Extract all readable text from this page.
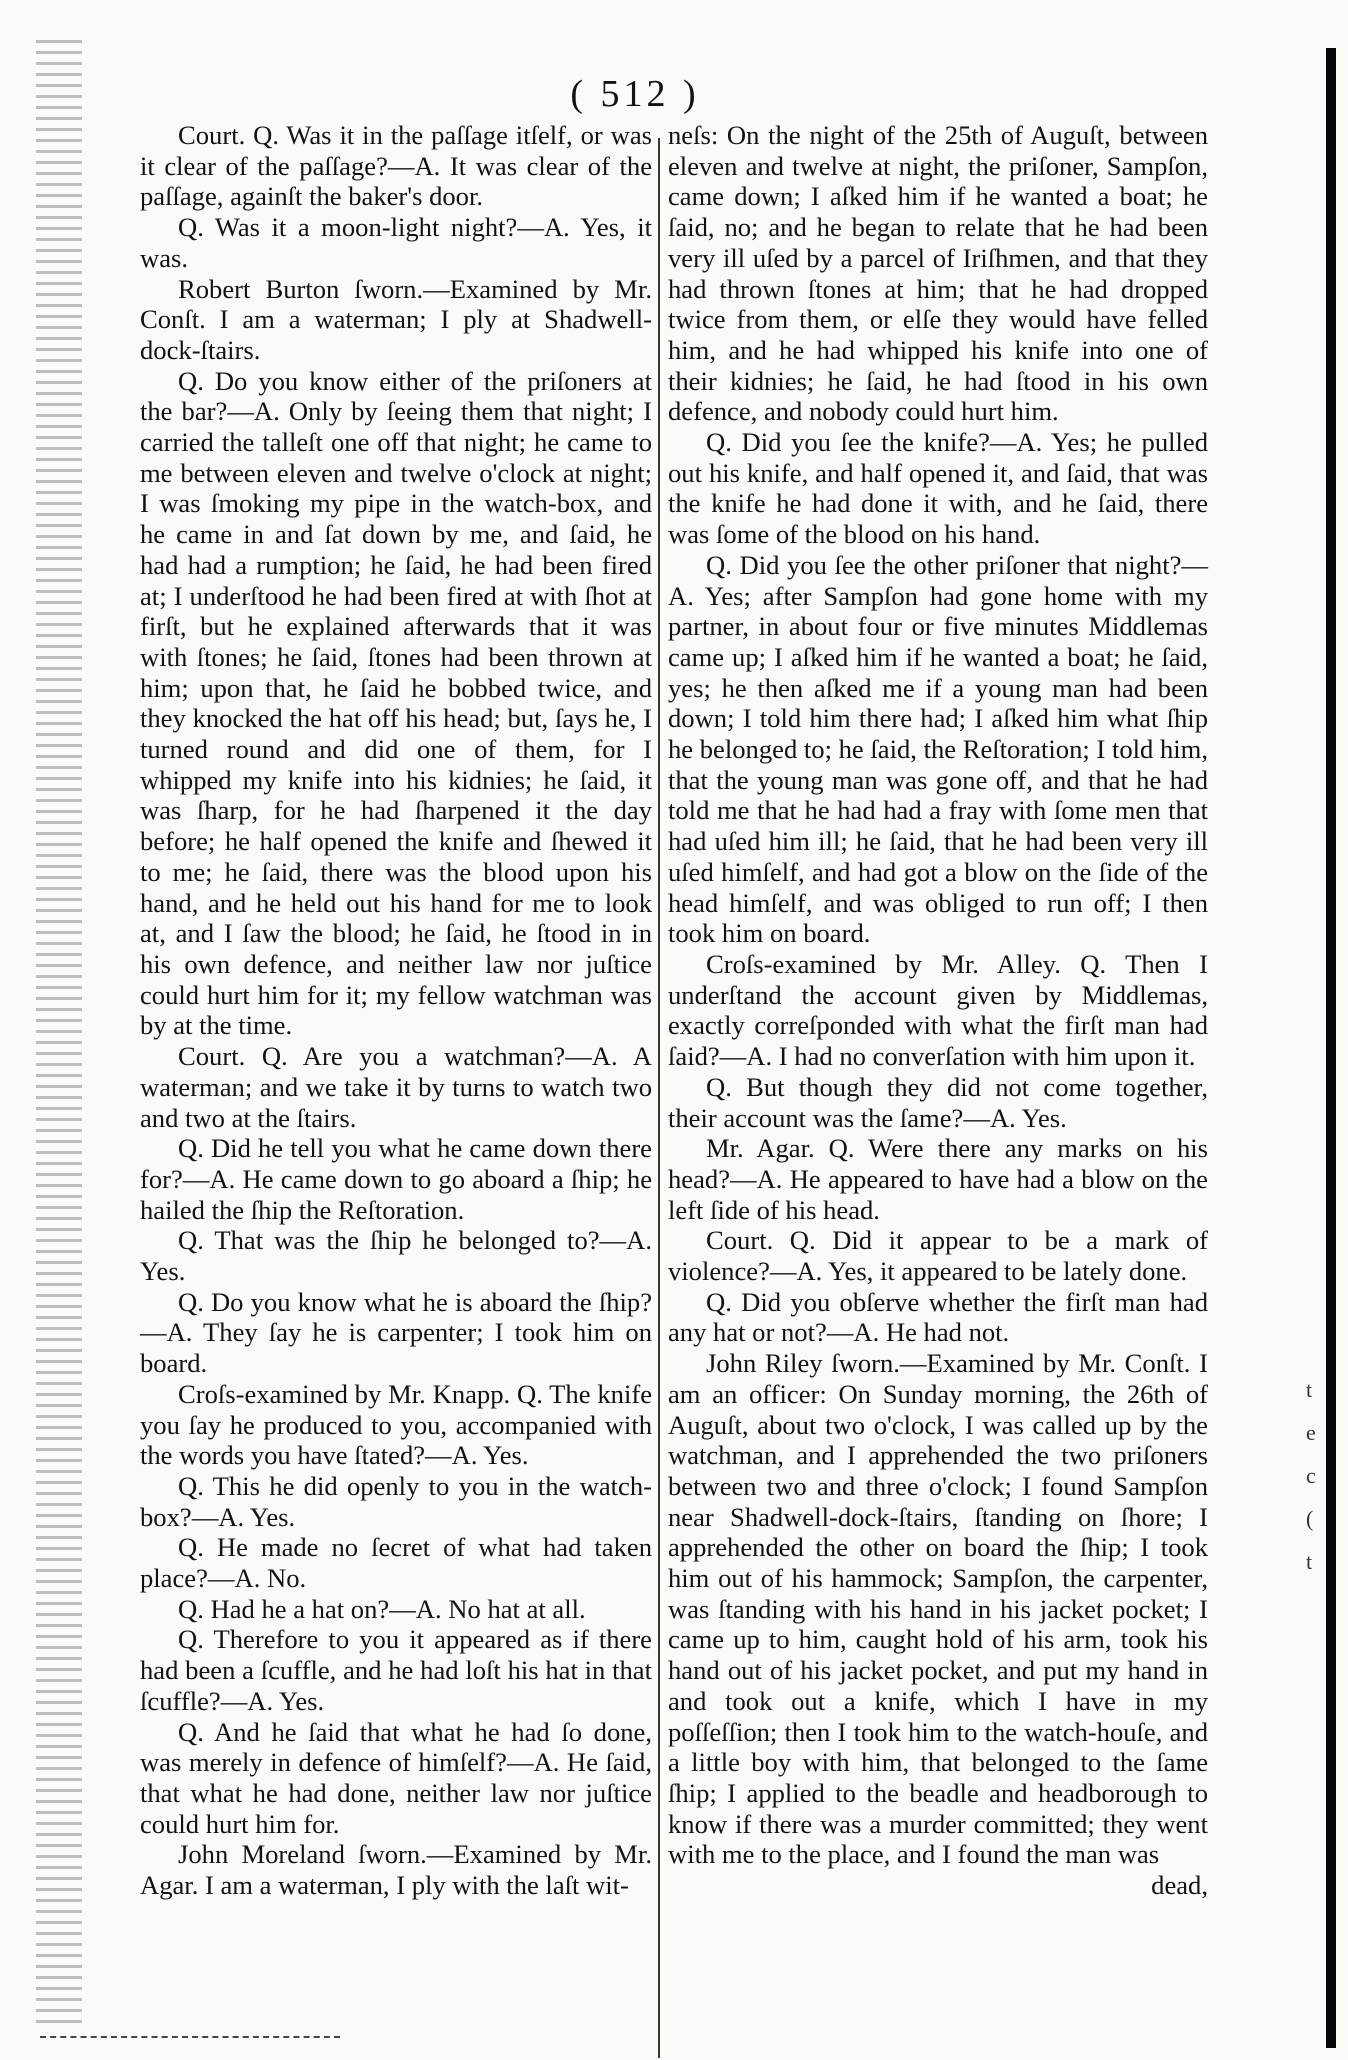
( 512 )

Court. Q. Was it in the paſſage itſelf, or was it clear of the paſſage?—A. It was clear of the paſſage, againſt the baker's door.

Q. Was it a moon-light night?—A. Yes, it was.

Robert Burton ſworn.—Examined by Mr. Conſt. I am a waterman; I ply at Shadwell-dock-ſtairs.

Q. Do you know either of the priſoners at the bar?—A. Only by ſeeing them that night; I carried the talleſt one off that night; he came to me between eleven and twelve o'clock at night; I was ſmoking my pipe in the watch-box, and he came in and ſat down by me, and ſaid, he had had a rumption; he ſaid, he had been fired at; I underſtood he had been fired at with ſhot at firſt, but he explained afterwards that it was with ſtones; he ſaid, ſtones had been thrown at him; upon that, he ſaid he bobbed twice, and they knocked the hat off his head; but, ſays he, I turned round and did one of them, for I whipped my knife into his kidnies; he ſaid, it was ſharp, for he had ſharpened it the day before; he half opened the knife and ſhewed it to me; he ſaid, there was the blood upon his hand, and he held out his hand for me to look at, and I ſaw the blood; he ſaid, he ſtood in in his own defence, and neither law nor juſtice could hurt him for it; my fellow watchman was by at the time.

Court. Q. Are you a watchman?—A. A waterman; and we take it by turns to watch two and two at the ſtairs.

Q. Did he tell you what he came down there for?—A. He came down to go aboard a ſhip; he hailed the ſhip the Reſtoration.

Q. That was the ſhip he belonged to?—A. Yes.

Q. Do you know what he is aboard the ſhip?—A. They ſay he is carpenter; I took him on board.

Croſs-examined by Mr. Knapp. Q. The knife you ſay he produced to you, accompanied with the words you have ſtated?—A. Yes.

Q. This he did openly to you in the watch-box?—A. Yes.

Q. He made no ſecret of what had taken place?—A. No.

Q. Had he a hat on?—A. No hat at all.

Q. Therefore to you it appeared as if there had been a ſcuffle, and he had loſt his hat in that ſcuffle?—A. Yes.

Q. And he ſaid that what he had ſo done, was merely in defence of himſelf?—A. He ſaid, that what he had done, neither law nor juſtice could hurt him for.

John Moreland ſworn.—Examined by Mr. Agar. I am a waterman, I ply with the laſt wit-

neſs: On the night of the 25th of Auguſt, between eleven and twelve at night, the priſoner, Sampſon, came down; I aſked him if he wanted a boat; he ſaid, no; and he began to relate that he had been very ill uſed by a parcel of Iriſhmen, and that they had thrown ſtones at him; that he had dropped twice from them, or elſe they would have felled him, and he had whipped his knife into one of their kidnies; he ſaid, he had ſtood in his own defence, and nobody could hurt him.

Q. Did you ſee the knife?—A. Yes; he pulled out his knife, and half opened it, and ſaid, that was the knife he had done it with, and he ſaid, there was ſome of the blood on his hand.

Q. Did you ſee the other priſoner that night?—A. Yes; after Sampſon had gone home with my partner, in about four or five minutes Middlemas came up; I aſked him if he wanted a boat; he ſaid, yes; he then aſked me if a young man had been down; I told him there had; I aſked him what ſhip he belonged to; he ſaid, the Reſtoration; I told him, that the young man was gone off, and that he had told me that he had had a fray with ſome men that had uſed him ill; he ſaid, that he had been very ill uſed himſelf, and had got a blow on the ſide of the head himſelf, and was obliged to run off; I then took him on board.

Croſs-examined by Mr. Alley. Q. Then I underſtand the account given by Middlemas, exactly correſponded with what the firſt man had ſaid?—A. I had no converſation with him upon it.

Q. But though they did not come together, their account was the ſame?—A. Yes.

Mr. Agar. Q. Were there any marks on his head?—A. He appeared to have had a blow on the left ſide of his head.

Court. Q. Did it appear to be a mark of violence?—A. Yes, it appeared to be lately done.

Q. Did you obſerve whether the firſt man had any hat or not?—A. He had not.

John Riley ſworn.—Examined by Mr. Conſt. I am an officer: On Sunday morning, the 26th of Auguſt, about two o'clock, I was called up by the watchman, and I apprehended the two priſoners between two and three o'clock; I found Sampſon near Shadwell-dock-ſtairs, ſtanding on ſhore; I apprehended the other on board the ſhip; I took him out of his hammock; Sampſon, the carpenter, was ſtanding with his hand in his jacket pocket; I came up to him, caught hold of his arm, took his hand out of his jacket pocket, and put my hand in and took out a knife, which I have in my poſſeſſion; then I took him to the watch-houſe, and a little boy with him, that belonged to the ſame ſhip; I applied to the beadle and headborough to know if there was a murder committed; they went with me to the place, and I found the man was

dead,

t
e
c
(
t
